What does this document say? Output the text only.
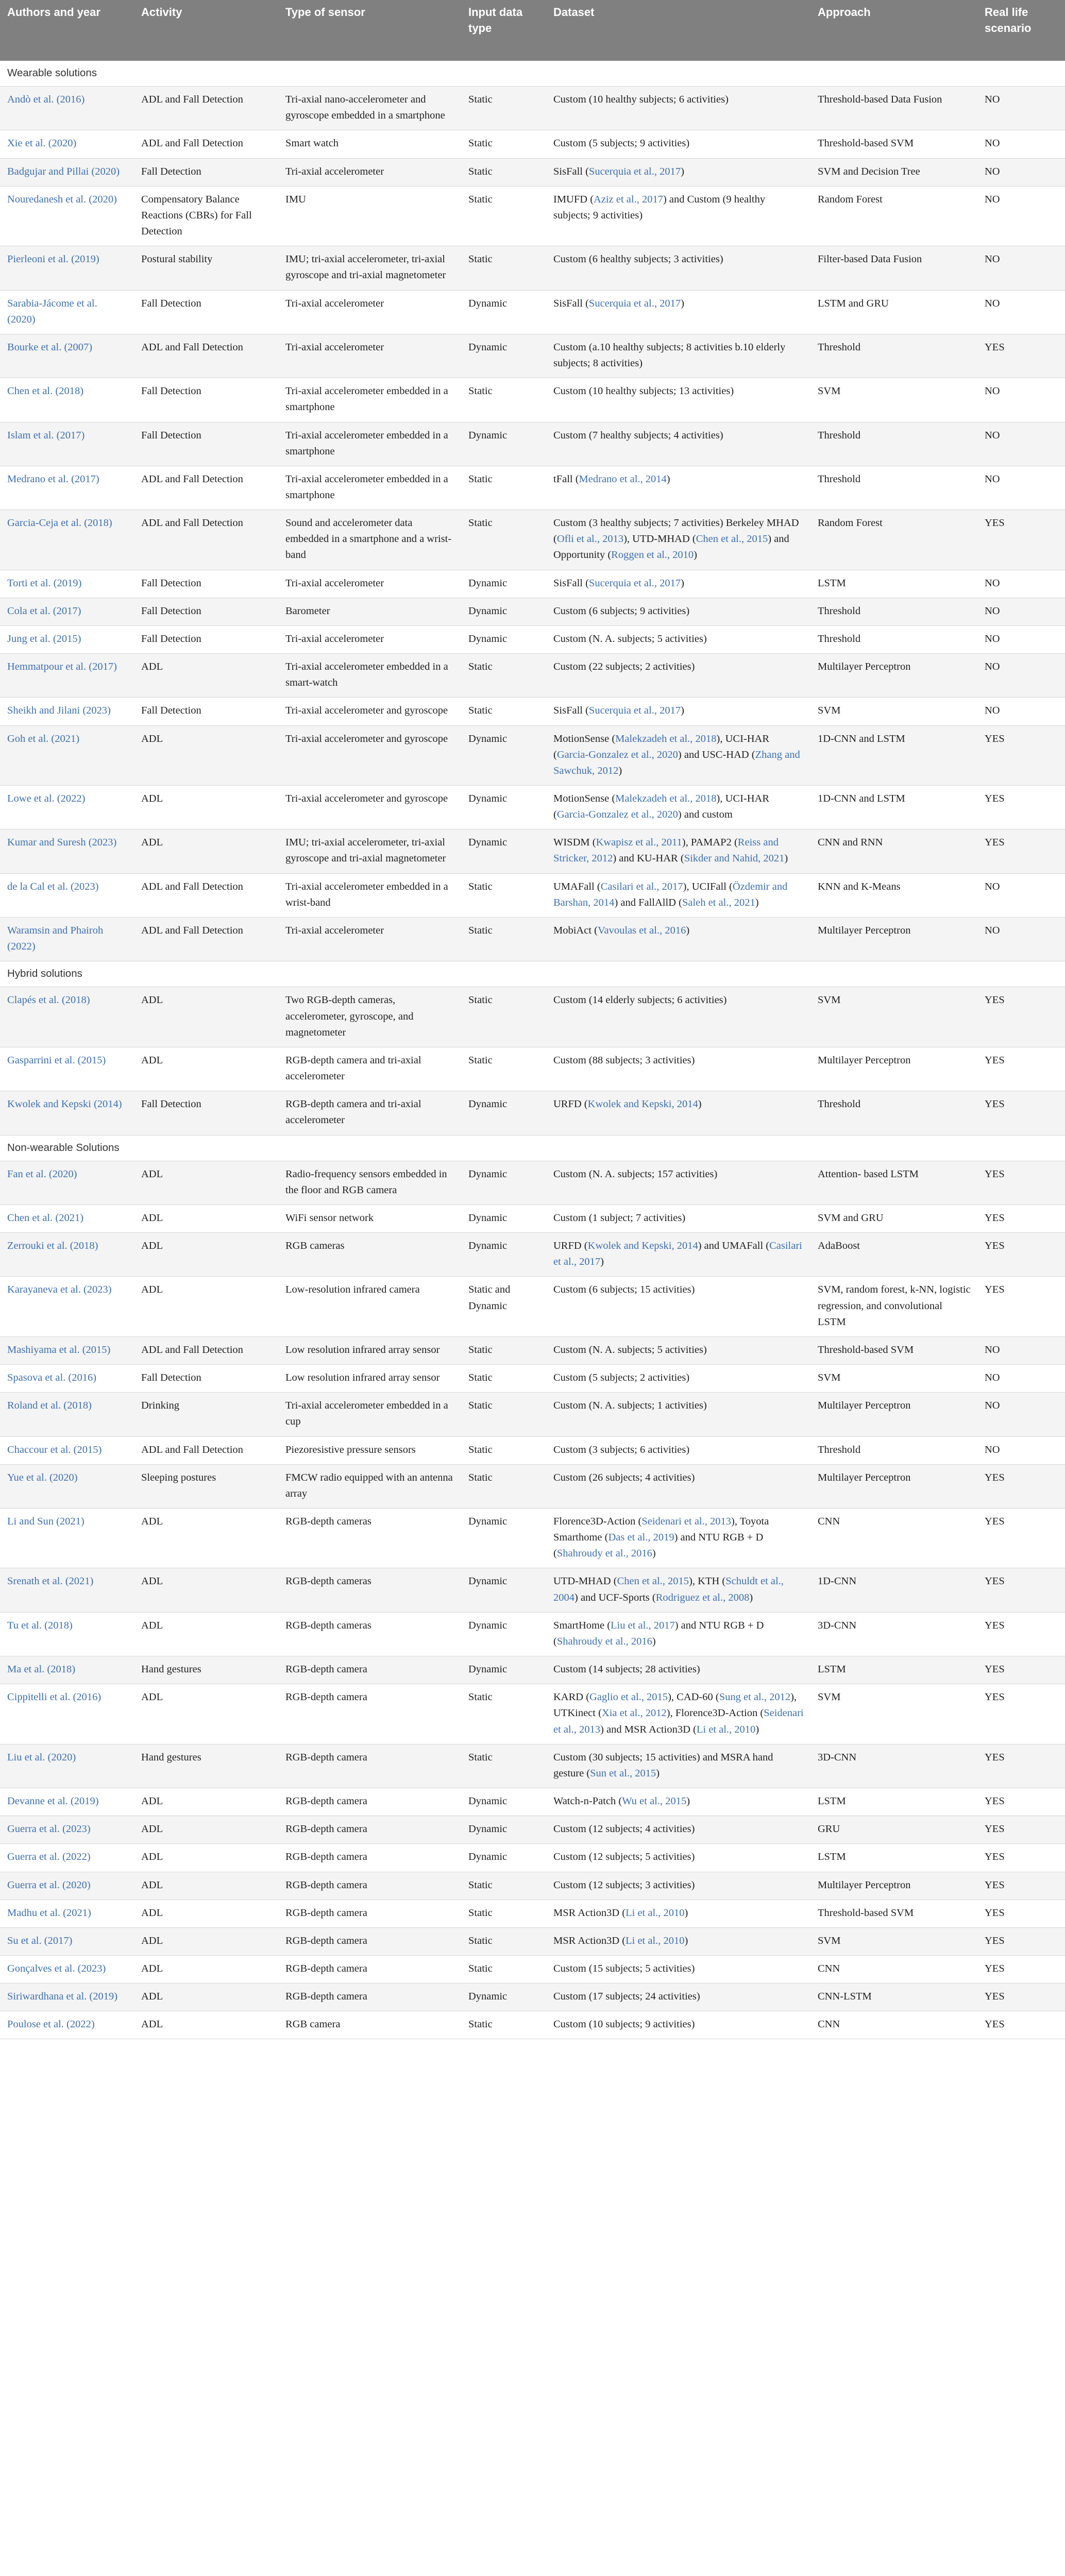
Authors and year	Activity	Type of sensor	Input data type	Dataset	Approach	Real life scenario
Wearable solutions						
Andò et al. (2016)	ADL and Fall Detection	Tri-axial nano-accelerometer and gyroscope embedded in a smartphone	Static	Custom (10 healthy subjects; 6 activities)	Threshold-based Data Fusion	NO
Xie et al. (2020)	ADL and Fall Detection	Smart watch	Static	Custom (5 subjects; 9 activities)	Threshold-based SVM	NO
Badgujar and Pillai (2020)	Fall Detection	Tri-axial accelerometer	Static	SisFall (Sucerquia et al., 2017)	SVM and Decision Tree	NO
Nouredanesh et al. (2020)	Compensatory Balance Reactions (CBRs) for Fall Detection	IMU	Static	IMUFD (Aziz et al., 2017) and Custom (9 healthy subjects; 9 activities)	Random Forest	NO
Pierleoni et al. (2019)	Postural stability	IMU; tri-axial accelerometer, tri-axial gyroscope and tri-axial magnetometer	Static	Custom (6 healthy subjects; 3 activities)	Filter-based Data Fusion	NO
Sarabia-Jácome et al. (2020)	Fall Detection	Tri-axial accelerometer	Dynamic	SisFall (Sucerquia et al., 2017)	LSTM and GRU	NO
Bourke et al. (2007)	ADL and Fall Detection	Tri-axial accelerometer	Dynamic	Custom (a.10 healthy subjects; 8 activities b.10 elderly subjects; 8 activities)	Threshold	YES
Chen et al. (2018)	Fall Detection	Tri-axial accelerometer embedded in a smartphone	Static	Custom (10 healthy subjects; 13 activities)	SVM	NO
Islam et al. (2017)	Fall Detection	Tri-axial accelerometer embedded in a smartphone	Dynamic	Custom (7 healthy subjects; 4 activities)	Threshold	NO
Medrano et al. (2017)	ADL and Fall Detection	Tri-axial accelerometer embedded in a smartphone	Static	tFall (Medrano et al., 2014)	Threshold	NO
Garcia-Ceja et al. (2018)	ADL and Fall Detection	Sound and accelerometer data embedded in a smartphone and a wrist-band	Static	Custom (3 healthy subjects; 7 activities) Berkeley MHAD (Ofli et al., 2013), UTD-MHAD (Chen et al., 2015) and Opportunity (Roggen et al., 2010)	Random Forest	YES
Torti et al. (2019)	Fall Detection	Tri-axial accelerometer	Dynamic	SisFall (Sucerquia et al., 2017)	LSTM	NO
Cola et al. (2017)	Fall Detection	Barometer	Dynamic	Custom (6 subjects; 9 activities)	Threshold	NO
Jung et al. (2015)	Fall Detection	Tri-axial accelerometer	Dynamic	Custom (N. A. subjects; 5 activities)	Threshold	NO
Hemmatpour et al. (2017)	ADL	Tri-axial accelerometer embedded in a smart-watch	Static	Custom (22 subjects; 2 activities)	Multilayer Perceptron	NO
Sheikh and Jilani (2023)	Fall Detection	Tri-axial accelerometer and gyroscope	Static	SisFall (Sucerquia et al., 2017)	SVM	NO
Goh et al. (2021)	ADL	Tri-axial accelerometer and gyroscope	Dynamic	MotionSense (Malekzadeh et al., 2018), UCI-HAR (Garcia-Gonzalez et al., 2020) and USC-HAD (Zhang and Sawchuk, 2012)	1D-CNN and LSTM	YES
Lowe et al. (2022)	ADL	Tri-axial accelerometer and gyroscope	Dynamic	MotionSense (Malekzadeh et al., 2018), UCI-HAR (Garcia-Gonzalez et al., 2020) and custom	1D-CNN and LSTM	YES
Kumar and Suresh (2023)	ADL	IMU; tri-axial accelerometer, tri-axial gyroscope and tri-axial magnetometer	Dynamic	WISDM (Kwapisz et al., 2011), PAMAP2 (Reiss and Stricker, 2012) and KU-HAR (Sikder and Nahid, 2021)	CNN and RNN	YES
de la Cal et al. (2023)	ADL and Fall Detection	Tri-axial accelerometer embedded in a wrist-band	Static	UMAFall (Casilari et al., 2017), UCIFall (Özdemir and Barshan, 2014) and FallAllD (Saleh et al., 2021)	KNN and K-Means	NO
Waramsin and Phairoh (2022)	ADL and Fall Detection	Tri-axial accelerometer	Static	MobiAct (Vavoulas et al., 2016)	Multilayer Perceptron	NO
Hybrid solutions						
Clapés et al. (2018)	ADL	Two RGB-depth cameras, accelerometer, gyroscope, and magnetometer	Static	Custom (14 elderly subjects; 6 activities)	SVM	YES
Gasparrini et al. (2015)	ADL	RGB-depth camera and tri-axial accelerometer	Static	Custom (88 subjects; 3 activities)	Multilayer Perceptron	YES
Kwolek and Kepski (2014)	Fall Detection	RGB-depth camera and tri-axial accelerometer	Dynamic	URFD (Kwolek and Kepski, 2014)	Threshold	YES
Non-wearable Solutions						
Fan et al. (2020)	ADL	Radio-frequency sensors embedded in the floor and RGB camera	Dynamic	Custom (N. A. subjects; 157 activities)	Attention- based LSTM	YES
Chen et al. (2021)	ADL	WiFi sensor network	Dynamic	Custom (1 subject; 7 activities)	SVM and GRU	YES
Zerrouki et al. (2018)	ADL	RGB cameras	Dynamic	URFD (Kwolek and Kepski, 2014) and UMAFall (Casilari et al., 2017)	AdaBoost	YES
Karayaneva et al. (2023)	ADL	Low-resolution infrared camera	Static and Dynamic	Custom (6 subjects; 15 activities)	SVM, random forest, k-NN, logistic regression, and convolutional LSTM	YES
Mashiyama et al. (2015)	ADL and Fall Detection	Low resolution infrared array sensor	Static	Custom (N. A. subjects; 5 activities)	Threshold-based SVM	NO
Spasova et al. (2016)	Fall Detection	Low resolution infrared array sensor	Static	Custom (5 subjects; 2 activities)	SVM	NO
Roland et al. (2018)	Drinking	Tri-axial accelerometer embedded in a cup	Static	Custom (N. A. subjects; 1 activities)	Multilayer Perceptron	NO
Chaccour et al. (2015)	ADL and Fall Detection	Piezoresistive pressure sensors	Static	Custom (3 subjects; 6 activities)	Threshold	NO
Yue et al. (2020)	Sleeping postures	FMCW radio equipped with an antenna array	Static	Custom (26 subjects; 4 activities)	Multilayer Perceptron	YES
Li and Sun (2021)	ADL	RGB-depth cameras	Dynamic	Florence3D-Action (Seidenari et al., 2013), Toyota Smarthome (Das et al., 2019) and NTU RGB + D (Shahroudy et al., 2016)	CNN	YES
Srenath et al. (2021)	ADL	RGB-depth cameras	Dynamic	UTD-MHAD (Chen et al., 2015), KTH (Schuldt et al., 2004) and UCF-Sports (Rodriguez et al., 2008)	1D-CNN	YES
Tu et al. (2018)	ADL	RGB-depth cameras	Dynamic	SmartHome (Liu et al., 2017) and NTU RGB + D (Shahroudy et al., 2016)	3D-CNN	YES
Ma et al. (2018)	Hand gestures	RGB-depth camera	Dynamic	Custom (14 subjects; 28 activities)	LSTM	YES
Cippitelli et al. (2016)	ADL	RGB-depth camera	Static	KARD (Gaglio et al., 2015), CAD-60 (Sung et al., 2012), UTKinect (Xia et al., 2012), Florence3D-Action (Seidenari et al., 2013) and MSR Action3D (Li et al., 2010)	SVM	YES
Liu et al. (2020)	Hand gestures	RGB-depth camera	Static	Custom (30 subjects; 15 activities) and MSRA hand gesture (Sun et al., 2015)	3D-CNN	YES
Devanne et al. (2019)	ADL	RGB-depth camera	Dynamic	Watch-n-Patch (Wu et al., 2015)	LSTM	YES
Guerra et al. (2023)	ADL	RGB-depth camera	Dynamic	Custom (12 subjects; 4 activities)	GRU	YES
Guerra et al. (2022)	ADL	RGB-depth camera	Dynamic	Custom (12 subjects; 5 activities)	LSTM	YES
Guerra et al. (2020)	ADL	RGB-depth camera	Static	Custom (12 subjects; 3 activities)	Multilayer Perceptron	YES
Madhu et al. (2021)	ADL	RGB-depth camera	Static	MSR Action3D (Li et al., 2010)	Threshold-based SVM	YES
Su et al. (2017)	ADL	RGB-depth camera	Static	MSR Action3D (Li et al., 2010)	SVM	YES
Gonçalves et al. (2023)	ADL	RGB-depth camera	Static	Custom (15 subjects; 5 activities)	CNN	YES
Siriwardhana et al. (2019)	ADL	RGB-depth camera	Dynamic	Custom (17 subjects; 24 activities)	CNN-LSTM	YES
Poulose et al. (2022)	ADL	RGB camera	Static	Custom (10 subjects; 9 activities)	CNN	YES
